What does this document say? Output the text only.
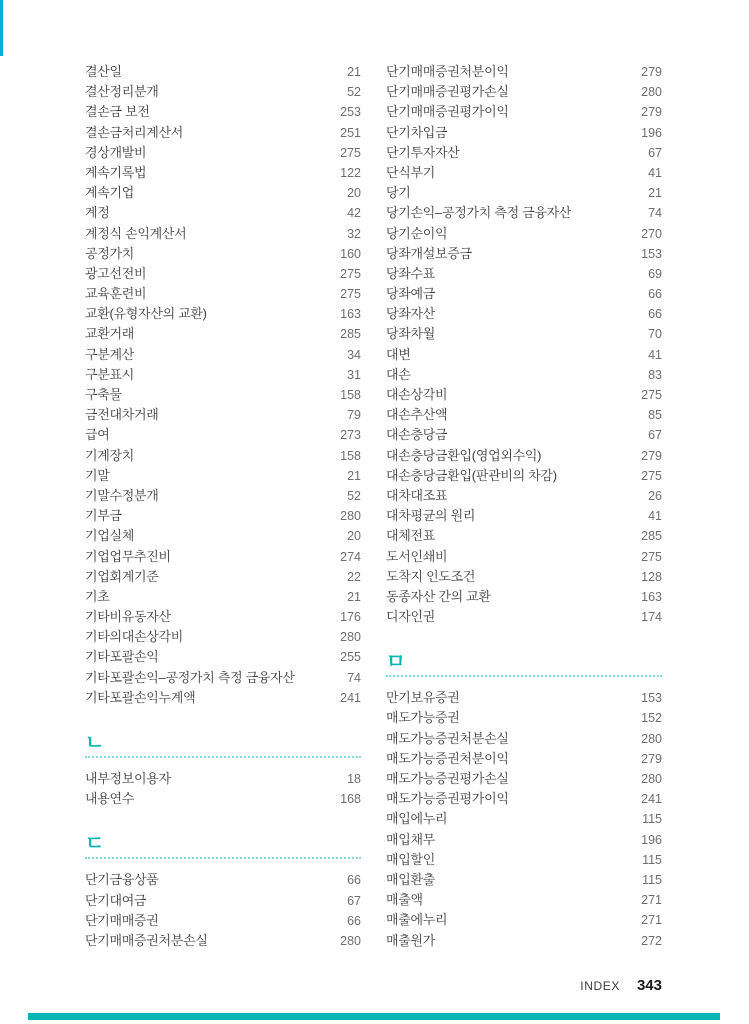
결산일	21
결산정리분개	52
결손금 보전	253
결손금처리계산서	251
경상개발비	275
계속기록법	122
계속기업	20
계정	42
계정식 손익계산서	32
공정가치	160
광고선전비	275
교육훈련비	275
교환(유형자산의 교환)	163
교환거래	285
구분계산	34
구분표시	31
구축물	158
금전대차거래	79
급여	273
기계장치	158
기말	21
기말수정분개	52
기부금	280
기업실체	20
기업업무추진비	274
기업회계기준	22
기초	21
기타비유동자산	176
기타의대손상각비	280
기타포괄손익	255
기타포괄손익–공정가치 측정 금융자산	74
기타포괄손익누계액	241
ㄴ
내부정보이용자	18
내용연수	168
ㄷ
단기금융상품	66
단기대여금	67
단기매매증권	66
단기매매증권처분손실	280
단기매매증권처분이익	279
단기매매증권평가손실	280
단기매매증권평가이익	279
단기차입금	196
단기투자자산	67
단식부기	41
당기	21
당기손익–공정가치 측정 금융자산	74
당기순이익	270
당좌개설보증금	153
당좌수표	69
당좌예금	66
당좌자산	66
당좌차월	70
대변	41
대손	83
대손상각비	275
대손추산액	85
대손충당금	67
대손충당금환입(영업외수익)	279
대손충당금환입(판관비의 차감)	275
대차대조표	26
대차평균의 원리	41
대체전표	285
도서인쇄비	275
도착지 인도조건	128
동종자산 간의 교환	163
디자인권	174
ㅁ
만기보유증권	153
매도가능증권	152
매도가능증권처분손실	280
매도가능증권처분이익	279
매도가능증권평가손실	280
매도가능증권평가이익	241
매입에누리	115
매입채무	196
매입할인	115
매입환출	115
매출액	271
매출에누리	271
매출원가	272
INDEX 343
